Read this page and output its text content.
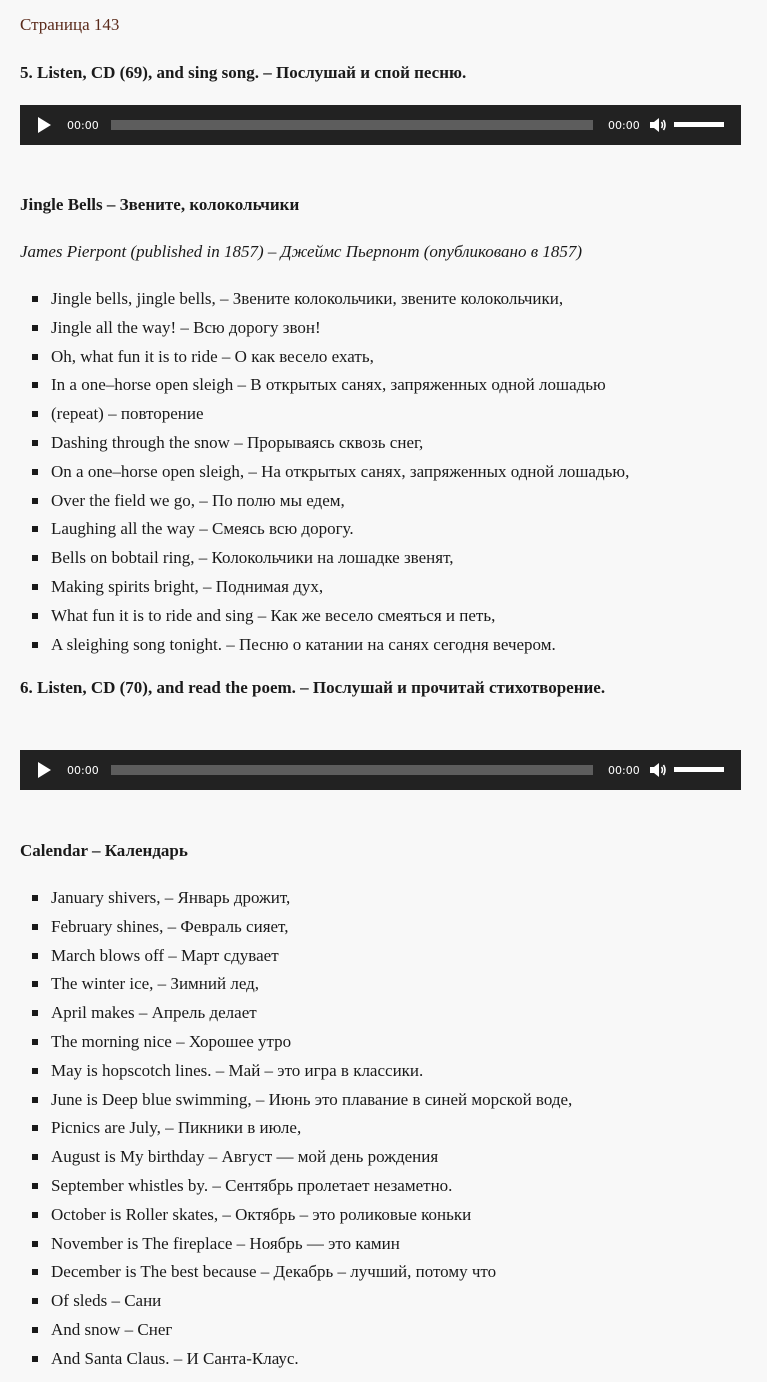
Страница 143

5. Listen, CD (69), and sing song. – Послушай и спой песню.

00:00	00:00

Jingle Bells – Звените, колокольчики

James Pierpont (published in 1857) – Джеймс Пьерпонт (опубликовано в 1857)

Jingle bells, jingle bells, – Звените колокольчики, звените колокольчики,
Jingle all the way! – Всю дорогу звон!
Oh, what fun it is to ride – О как весело ехать,
In a one–horse open sleigh – В открытых санях, запряженных одной лошадью
(repeat) – повторение
Dashing through the snow – Прорываясь сквозь снег,
On a one–horse open sleigh, – На открытых санях, запряженных одной лошадью,
Over the field we go, – По полю мы едем,
Laughing all the way – Смеясь всю дорогу.
Bells on bobtail ring, – Колокольчики на лошадке звенят,
Making spirits bright, – Поднимая дух,
What fun it is to ride and sing – Как же весело смеяться и петь,
A sleighing song tonight. – Песню о катании на санях сегодня вечером.

6. Listen, CD (70), and read the poem. – Послушай и прочитай стихотворение.

00:00	00:00

Calendar – Календарь

January shivers, – Январь дрожит,
February shines, – Февраль сияет,
March blows off – Март сдувает
The winter ice, – Зимний лед,
April makes – Апрель делает
The morning nice – Хорошее утро
May is hopscotch lines. – Май – это игра в классики.
June is Deep blue swimming, – Июнь это плавание в синей морской воде,
Picnics are July, – Пикники в июле,
August is My birthday – Август — мой день рождения
September whistles by. – Сентябрь пролетает незаметно.
October is Roller skates, – Октябрь – это роликовые коньки
November is The fireplace – Ноябрь — это камин
December is The best because – Декабрь – лучший, потому что
Of sleds – Сани
And snow – Снег
And Santa Claus. – И Санта-Клаус.
